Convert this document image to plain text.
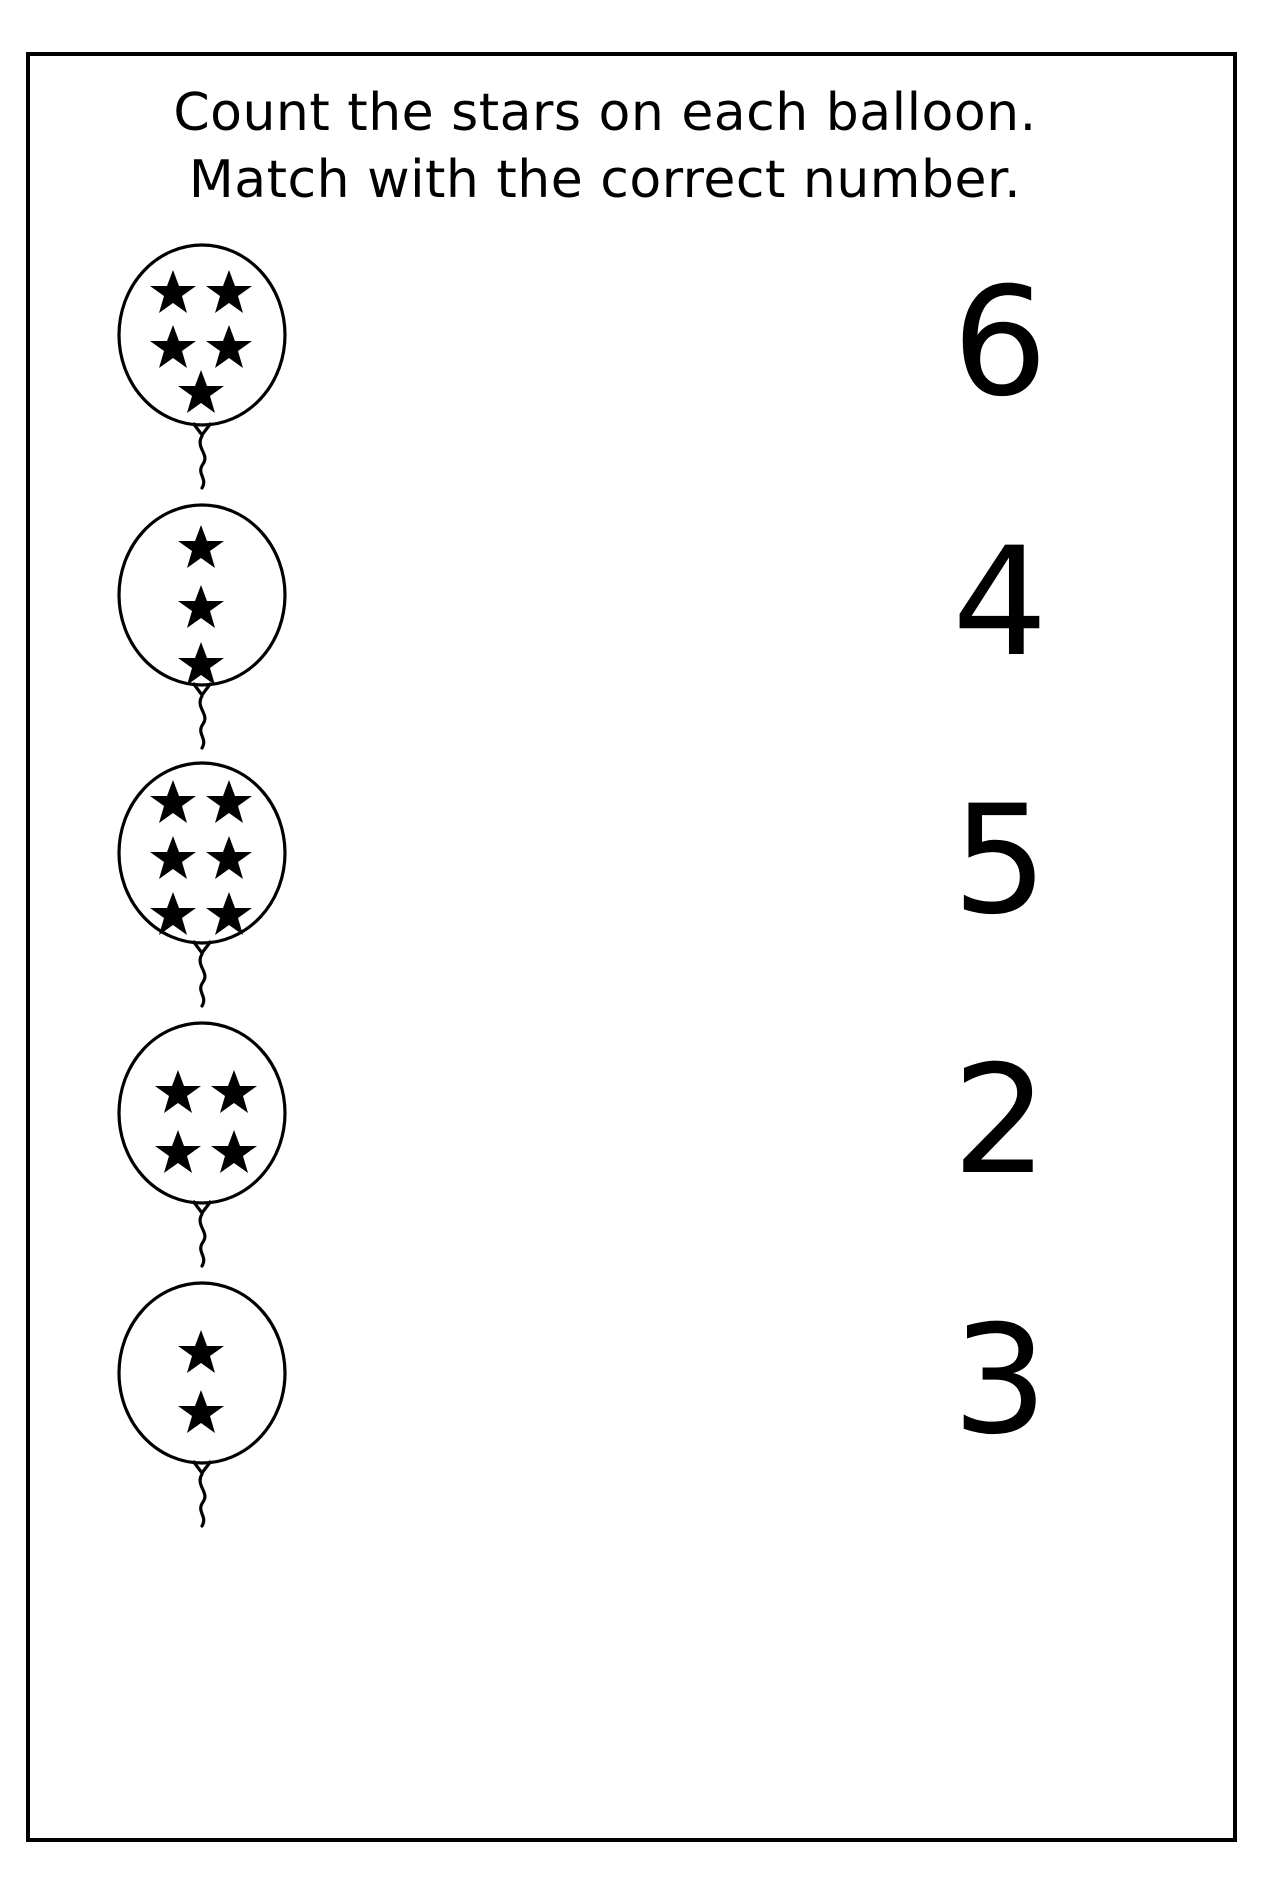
Count the stars on each balloon.
Match with the correct number.
6
4
5
2
3
